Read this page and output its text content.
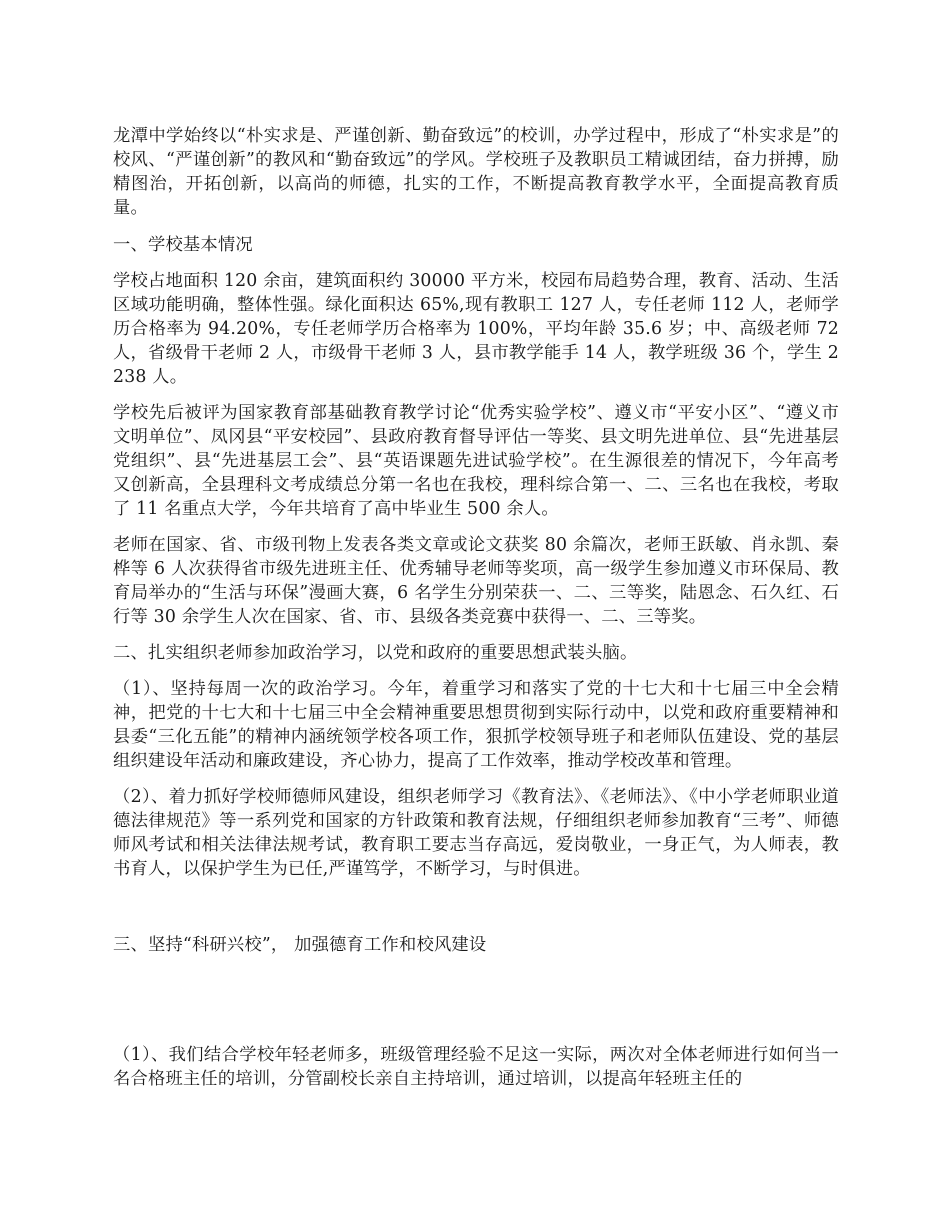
龙潭中学始终以“朴实求是、严谨创新、勤奋致远”的校训，办学过程中，形成了“朴实求是”的校风、“严谨创新”的教风和“勤奋致远”的学风。学校班子及教职员工精诚团结，奋力拼搏，励精图治，开拓创新，以高尚的师德，扎实的工作，不断提高教育教学水平，全面提高教育质量。

一、学校基本情况

学校占地面积 120 余亩，建筑面积约 30000 平方米，校园布局趋势合理，教育、活动、生活区域功能明确，整体性强。绿化面积达 65%,现有教职工 127 人，专任老师 112 人，老师学历合格率为 94.20%，专任老师学历合格率为 100%，平均年龄 35.6 岁；中、高级老师 72 人，省级骨干老师 2 人，市级骨干老师 3 人，县市教学能手 14 人，教学班级 36 个，学生 2238 人。

学校先后被评为国家教育部基础教育教学讨论“优秀实验学校”、遵义市“平安小区”、“遵义市文明单位”、凤冈县“平安校园”、县政府教育督导评估一等奖、县文明先进单位、县“先进基层党组织”、县“先进基层工会”、县“英语课题先进试验学校”。在生源很差的情况下，今年高考又创新高，全县理科文考成绩总分第一名也在我校，理科综合第一、二、三名也在我校，考取了 11 名重点大学，今年共培育了高中毕业生 500 余人。

老师在国家、省、市级刊物上发表各类文章或论文获奖 80 余篇次，老师王跃敏、肖永凯、秦桦等 6 人次获得省市级先进班主任、优秀辅导老师等奖项，高一级学生参加遵义市环保局、教育局举办的“生活与环保”漫画大赛，6 名学生分别荣获一、二、三等奖，陆恩念、石久红、石行等 30 余学生人次在国家、省、市、县级各类竞赛中获得一、二、三等奖。

二、扎实组织老师参加政治学习，以党和政府的重要思想武装头脑。

（1）、坚持每周一次的政治学习。今年，着重学习和落实了党的十七大和十七届三中全会精神，把党的十七大和十七届三中全会精神重要思想贯彻到实际行动中，以党和政府重要精神和县委“三化五能”的精神内涵统领学校各项工作，狠抓学校领导班子和老师队伍建设、党的基层组织建设年活动和廉政建设，齐心协力，提高了工作效率，推动学校改革和管理。

（2）、着力抓好学校师德师风建设，组织老师学习《教育法》、《老师法》、《中小学老师职业道德法律规范》等一系列党和国家的方针政策和教育法规，仔细组织老师参加教育“三考”、师德师风考试和相关法律法规考试，教育职工要志当存高远，爱岗敬业，一身正气，为人师表，教书育人，以保护学生为已任,严谨笃学，不断学习，与时俱进。

三、坚持“科研兴校”， 加强德育工作和校风建设

（1）、我们结合学校年轻老师多，班级管理经验不足这一实际，两次对全体老师进行如何当一名合格班主任的培训，分管副校长亲自主持培训，通过培训，以提高年轻班主任的
